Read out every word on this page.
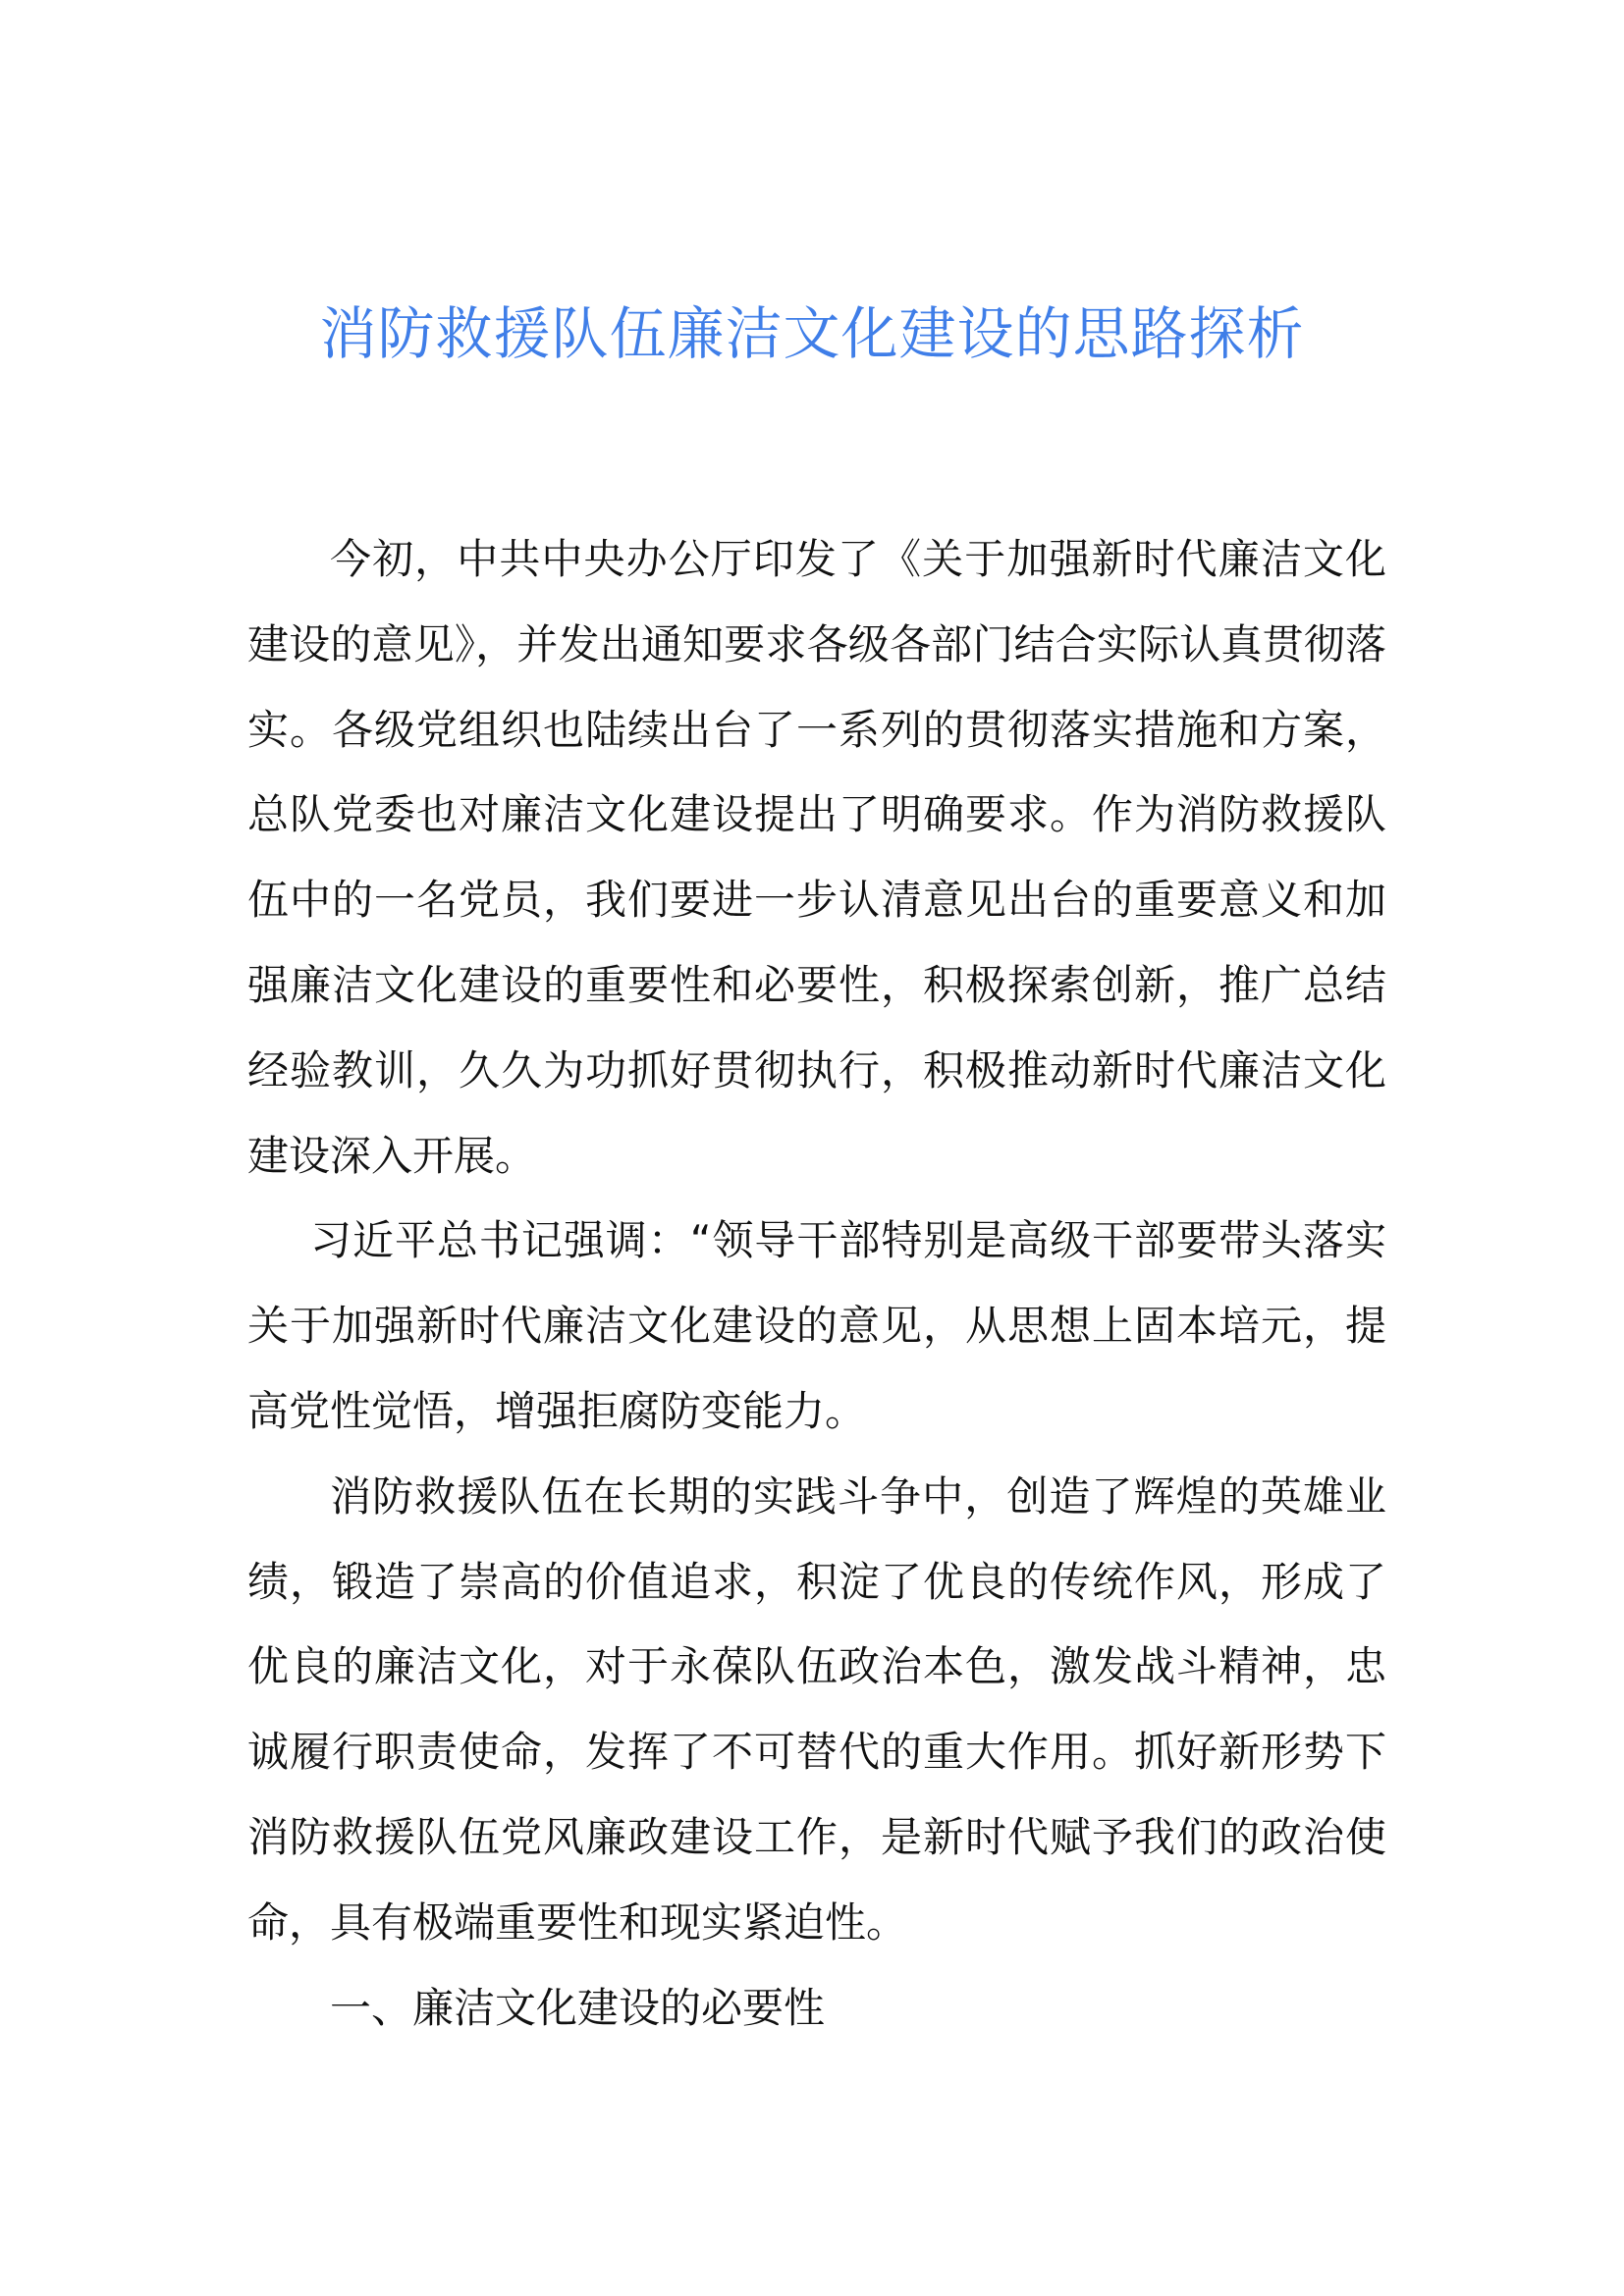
消防救援队伍廉洁文化建设的思路探析

今初，中共中央办公厅印发了《关于加强新时代廉洁文化建设的意见》，并发出通知要求各级各部门结合实际认真贯彻落实。各级党组织也陆续出台了一系列的贯彻落实措施和方案，总队党委也对廉洁文化建设提出了明确要求。作为消防救援队伍中的一名党员，我们要进一步认清意见出台的重要意义和加强廉洁文化建设的重要性和必要性，积极探索创新，推广总结经验教训，久久为功抓好贯彻执行，积极推动新时代廉洁文化建设深入开展。

习近平总书记强调：“领导干部特别是高级干部要带头落实关于加强新时代廉洁文化建设的意见，从思想上固本培元，提高党性觉悟，增强拒腐防变能力。

消防救援队伍在长期的实践斗争中，创造了辉煌的英雄业绩，锻造了崇高的价值追求，积淀了优良的传统作风，形成了优良的廉洁文化，对于永葆队伍政治本色，激发战斗精神，忠诚履行职责使命，发挥了不可替代的重大作用。抓好新形势下消防救援队伍党风廉政建设工作，是新时代赋予我们的政治使命，具有极端重要性和现实紧迫性。

一、廉洁文化建设的必要性
